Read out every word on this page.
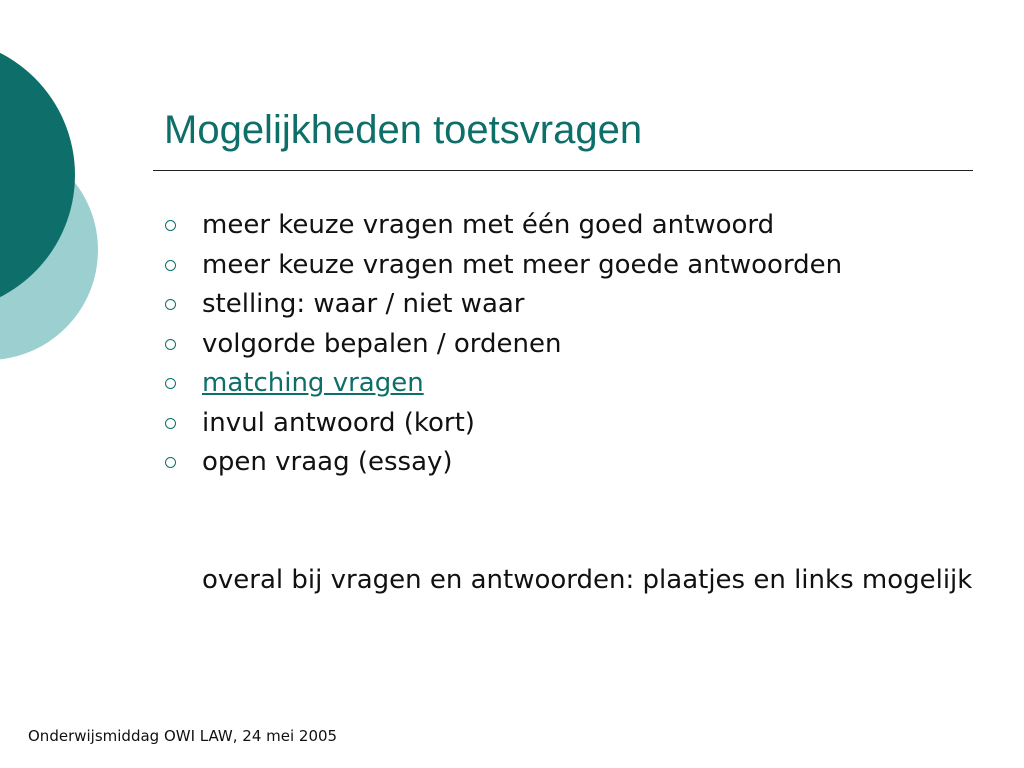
Mogelijkheden toetsvragen
meer keuze vragen met één goed antwoord
meer keuze vragen met meer goede antwoorden
stelling: waar / niet waar
volgorde bepalen / ordenen
matching vragen
invul antwoord (kort)
open vraag (essay)

overal bij vragen en antwoorden: plaatjes en links mogelijk

Onderwijsmiddag OWI LAW, 24 mei 2005
